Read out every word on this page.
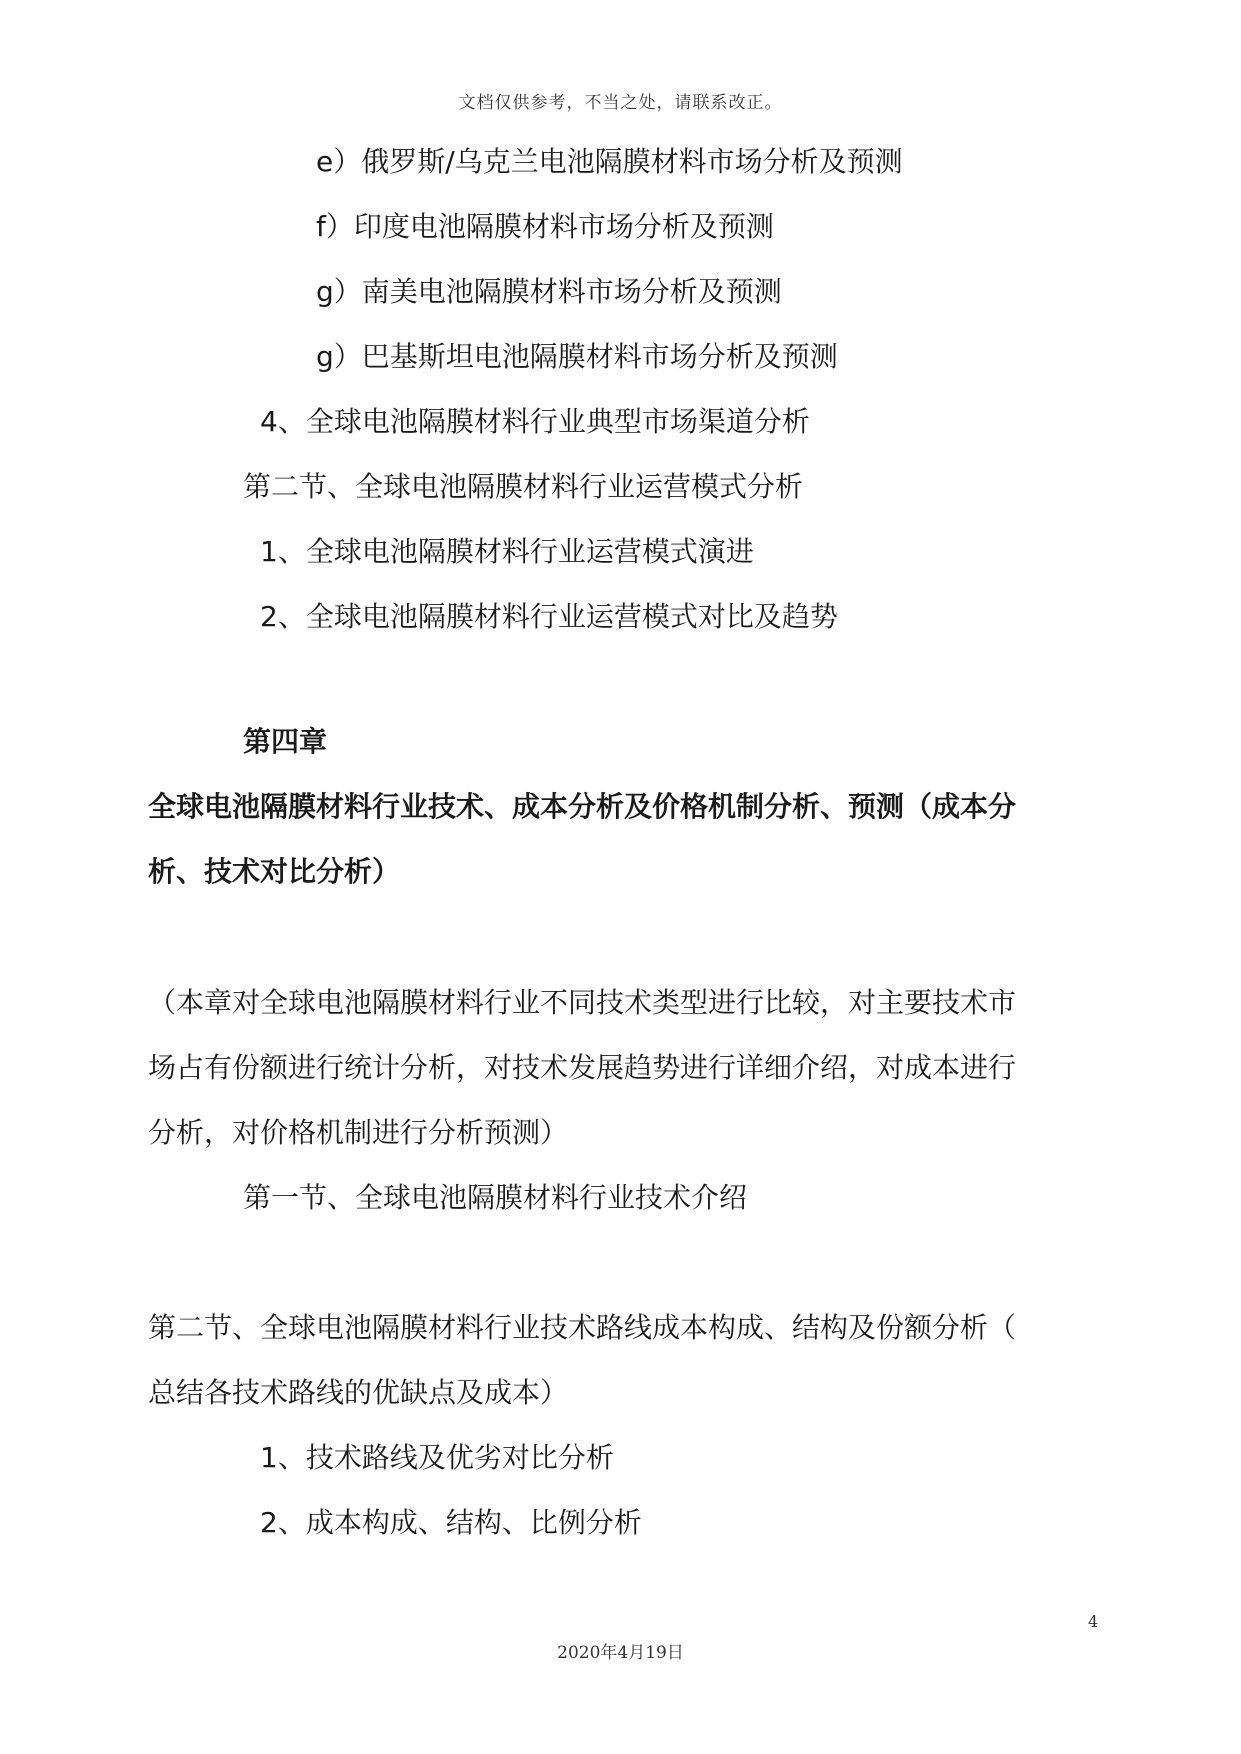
文档仅供参考，不当之处，请联系改正。
e）俄罗斯/乌克兰电池隔膜材料市场分析及预测
f）印度电池隔膜材料市场分析及预测
g）南美电池隔膜材料市场分析及预测
g）巴基斯坦电池隔膜材料市场分析及预测
4、全球电池隔膜材料行业典型市场渠道分析
第二节、全球电池隔膜材料行业运营模式分析
1、全球电池隔膜材料行业运营模式演进
2、全球电池隔膜材料行业运营模式对比及趋势
第四章
全球电池隔膜材料行业技术、成本分析及价格机制分析、预测（成本分
析、技术对比分析）
（本章对全球电池隔膜材料行业不同技术类型进行比较，对主要技术市
场占有份额进行统计分析，对技术发展趋势进行详细介绍，对成本进行
分析，对价格机制进行分析预测）
第一节、全球电池隔膜材料行业技术介绍
第二节、全球电池隔膜材料行业技术路线成本构成、结构及份额分析（
总结各技术路线的优缺点及成本）
1、技术路线及优劣对比分析
2、成本构成、结构、比例分析
4
2020年4月19日
